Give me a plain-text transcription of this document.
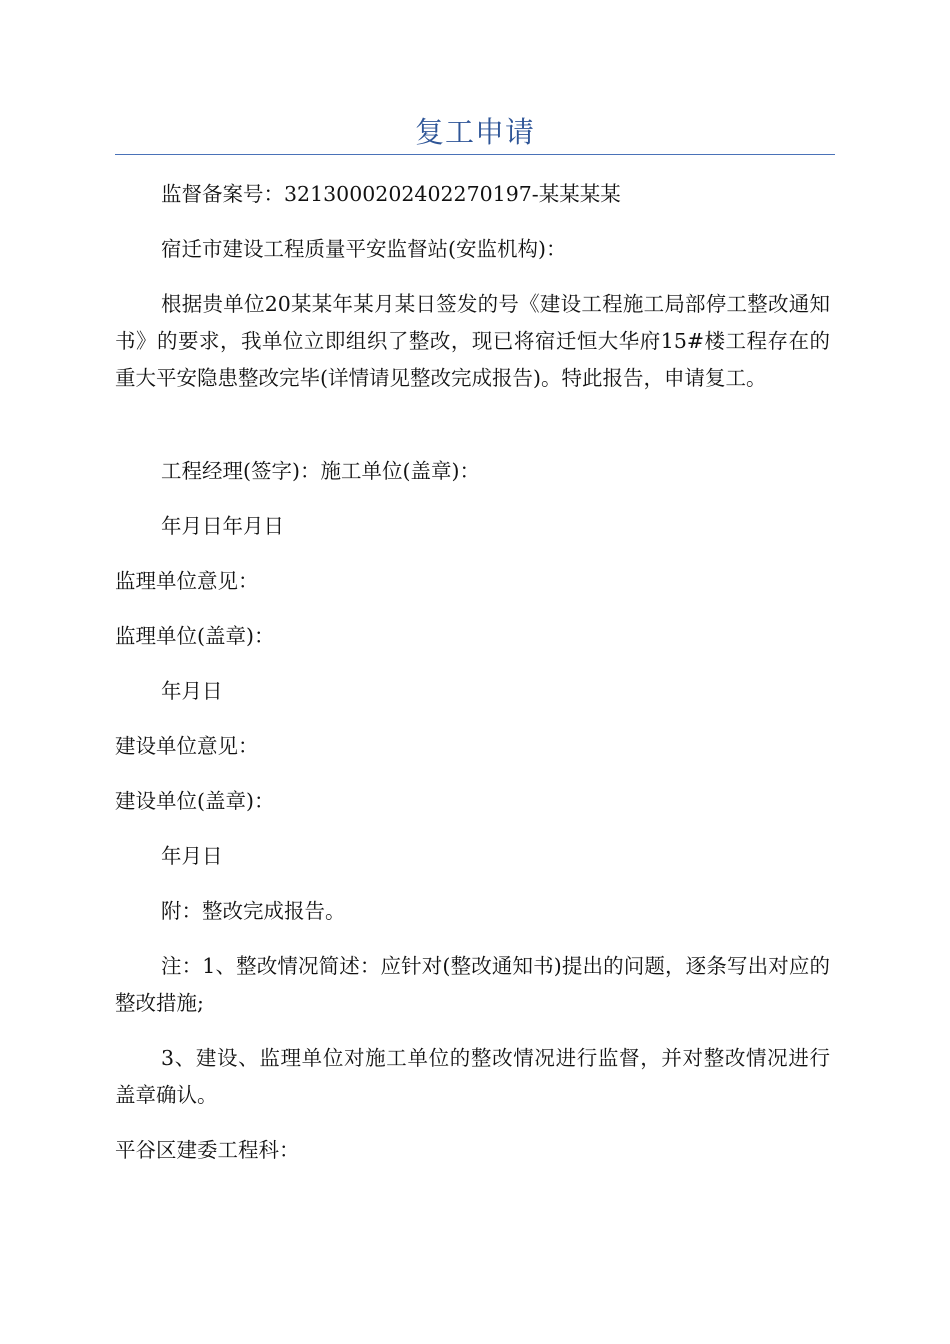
复工申请

监督备案号：3213000202402270197-某某某某

宿迁市建设工程质量平安监督站(安监机构)：

根据贵单位20某某年某月某日签发的号《建设工程施工局部停工整改通知书》的要求，我单位立即组织了整改，现已将宿迁恒大华府15#楼工程存在的重大平安隐患整改完毕(详情请见整改完成报告)。特此报告，申请复工。

工程经理(签字)：施工单位(盖章)：

年月日年月日

监理单位意见：

监理单位(盖章)：

年月日

建设单位意见：

建设单位(盖章)：

年月日

附：整改完成报告。

注：1、整改情况简述：应针对(整改通知书)提出的问题，逐条写出对应的整改措施;

3、建设、监理单位对施工单位的整改情况进行监督，并对整改情况进行盖章确认。

平谷区建委工程科：
